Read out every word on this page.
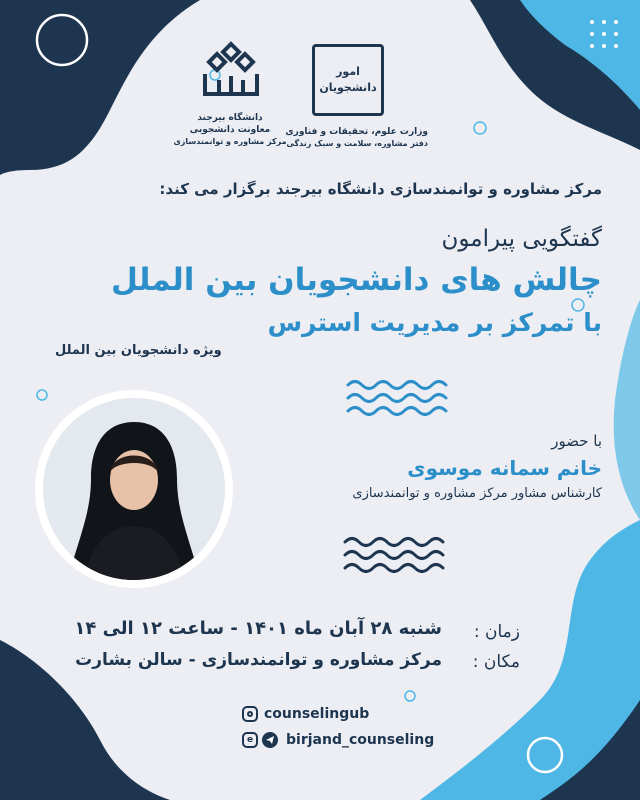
دانشگاه بیرجند
معاونت دانشجویی
مرکز مشاوره و توانمندسازی
امور دانشجویان
وزارت علوم، تحقیقات و فناوری
دفتر مشاوره، سلامت و سبک زندگی
مرکز مشاوره و توانمندسازی دانشگاه بیرجند برگزار می کند:
گفتگویی پیرامون
چالش های دانشجویان بین الملل
با تمرکز بر مدیریت استرس
ویژه دانشجویان بین الملل
با حضور
خانم سمانه موسوی
کارشناس مشاور مرکز مشاوره و توانمندسازی
زمان :
شنبه ۲۸ آبان ماه ۱۴۰۱ - ساعت ۱۲ الی ۱۴
مکان :
مرکز مشاوره و توانمندسازی - سالن بشارت
counselingub
e	birjand_counseling
